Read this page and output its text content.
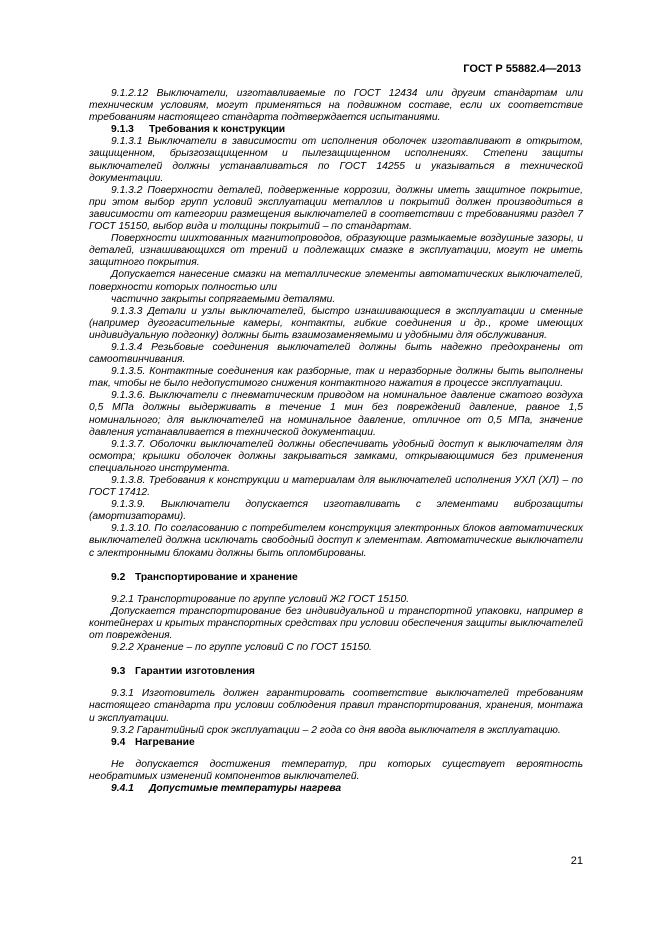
ГОСТ Р 55882.4—2013

9.1.2.12 Выключатели, изготавливаемые по ГОСТ 12434 или другим стандартам или техническим условиям, могут применяться на подвижном составе, если их соответствие требованиям настоящего стандарта подтверждается испытаниями.

9.1.3 Требования к конструкции

9.1.3.1 Выключатели в зависимости от исполнения оболочек изготавливают в открытом, защищенном, брызгозащищенном и пылезащищенном исполнениях. Степени защиты выключателей должны устанавливаться по ГОСТ 14255 и указываться в технической документации.

9.1.3.2 Поверхности деталей, подверженные коррозии, должны иметь защитное покрытие, при этом выбор групп условий эксплуатации металлов и покрытий должен производиться в зависимости от категории размещения выключателей в соответствии с требованиями раздел 7 ГОСТ 15150, выбор вида и толщины покрытий – по стандартам.

Поверхности шихтованных магнитопроводов, образующие размыкаемые воздушные зазоры, и деталей, изнашивающихся от трений и подлежащих смазке в эксплуатации, могут не иметь защитного покрытия.

Допускается нанесение смазки на металлические элементы автоматических выключателей, поверхности которых полностью или

частично закрыты сопрягаемыми деталями.

9.1.3.3 Детали и узлы выключателей, быстро изнашивающиеся в эксплуатации и сменные (например дугогасительные камеры, контакты, гибкие соединения и др., кроме имеющих индивидуальную подгонку) должны быть взаимозаменяемыми и удобными для обслуживания.

9.1.3.4 Резьбовые соединения выключателей должны быть надежно предохранены от самоотвинчивания.

9.1.3.5. Контактные соединения как разборные, так и неразборные должны быть выполнены так, чтобы не было недопустимого снижения контактного нажатия в процессе эксплуатации.

9.1.3.6. Выключатели с пневматическим приводом на номинальное давление сжатого воздуха 0,5 МПа должны выдерживать в течение 1 мин без повреждений давление, равное 1,5 номинального; для выключателей на номинальное давление, отличное от 0,5 МПа, значение давления устанавливается в технической документации.

9.1.3.7. Оболочки выключателей должны обеспечивать удобный доступ к выключателям для осмотра; крышки оболочек должны закрываться замками, открывающимися без применения специального инструмента.

9.1.3.8. Требования к конструкции и материалам для выключателей исполнения УХЛ (ХЛ) – по ГОСТ 17412.

9.1.3.9. Выключатели допускается изготавливать с элементами виброзащиты (амортизаторами).

9.1.3.10. По согласованию с потребителем конструкция электронных блоков автоматических выключателей должна исключать свободный доступ к элементам. Автоматические выключатели с электронными блоками должны быть опломбированы.

9.2 Транспортирование и хранение

9.2.1 Транспортирование по группе условий Ж2 ГОСТ 15150.

Допускается транспортирование без индивидуальной и транспортной упаковки, например в контейнерах и крытых транспортных средствах при условии обеспечения защиты выключателей от повреждения.

9.2.2 Хранение – по группе условий С по ГОСТ 15150.

9.3 Гарантии изготовления

9.3.1 Изготовитель должен гарантировать соответствие выключателей требованиям настоящего стандарта при условии соблюдения правил транспортирования, хранения, монтажа и эксплуатации.

9.3.2 Гарантийный срок эксплуатации – 2 года со дня ввода выключателя в эксплуатацию.

9.4 Нагревание

Не допускается достижения температур, при которых существует вероятность необратимых изменений компонентов выключателей.

9.4.1 Допустимые температуры нагрева

21
